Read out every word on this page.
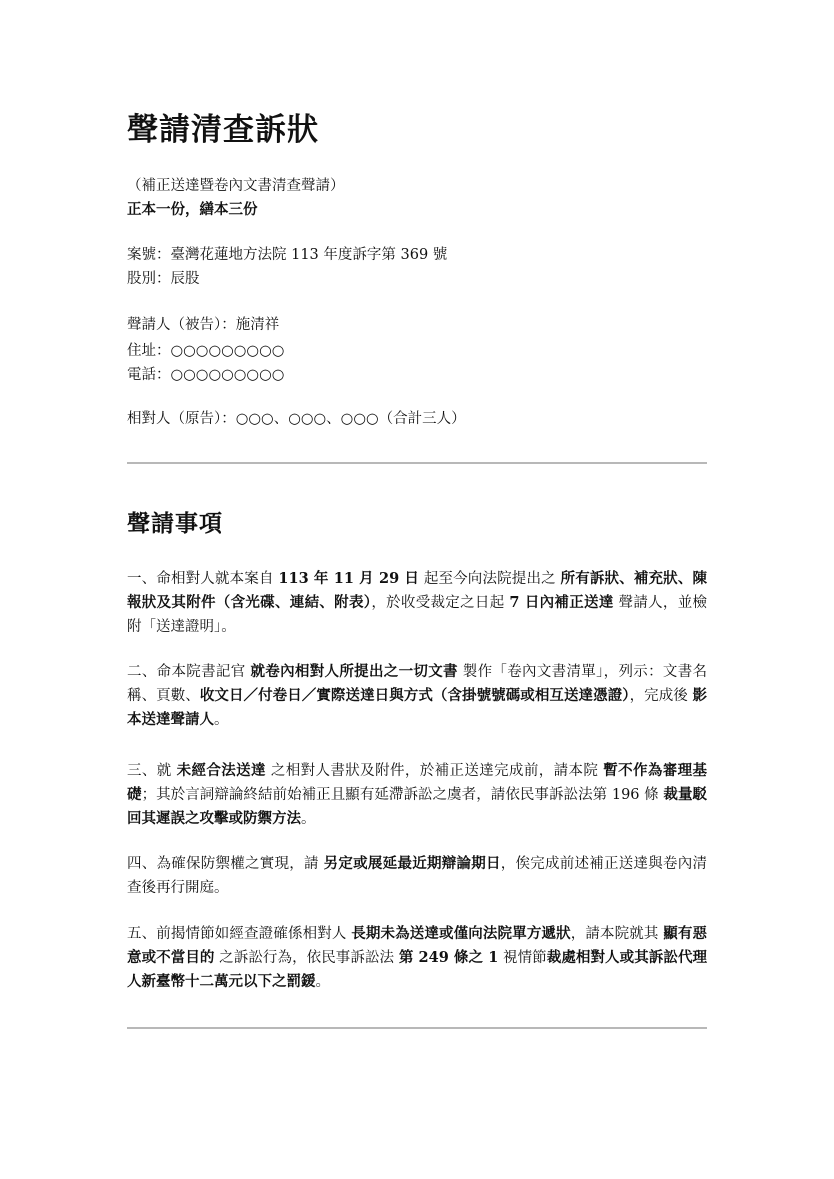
聲請清查訴狀
（補正送達暨卷內文書清查聲請）
正本一份，繕本三份
案號：臺灣花蓮地方法院 113 年度訴字第 369 號
股別：辰股
聲請人（被告）：施清祥
住址：○○○○○○○○○
電話：○○○○○○○○○
相對人（原告）：○○○、○○○、○○○（合計三人）
聲請事項
一、命相對人就本案自 113 年 11 月 29 日 起至今向法院提出之 所有訴狀、補充狀、陳報狀及其附件（含光碟、連結、附表），於收受裁定之日起 7 日內補正送達 聲請人，並檢附「送達證明」。
二、命本院書記官 就卷內相對人所提出之一切文書 製作「卷內文書清單」，列示：文書名稱、頁數、收文日／付卷日／實際送達日與方式（含掛號號碼或相互送達憑證），完成後 影本送達聲請人。
三、就 未經合法送達 之相對人書狀及附件，於補正送達完成前，請本院 暫不作為審理基礎；其於言詞辯論終結前始補正且顯有延滯訴訟之虞者，請依民事訴訟法第 196 條 裁量駁回其遲誤之攻擊或防禦方法。
四、為確保防禦權之實現，請 另定或展延最近期辯論期日，俟完成前述補正送達與卷內清查後再行開庭。
五、前揭情節如經查證確係相對人 長期未為送達或僅向法院單方遞狀，請本院就其 顯有惡意或不當目的 之訴訟行為，依民事訴訟法 第 249 條之 1 視情節裁處相對人或其訴訟代理人新臺幣十二萬元以下之罰鍰。
